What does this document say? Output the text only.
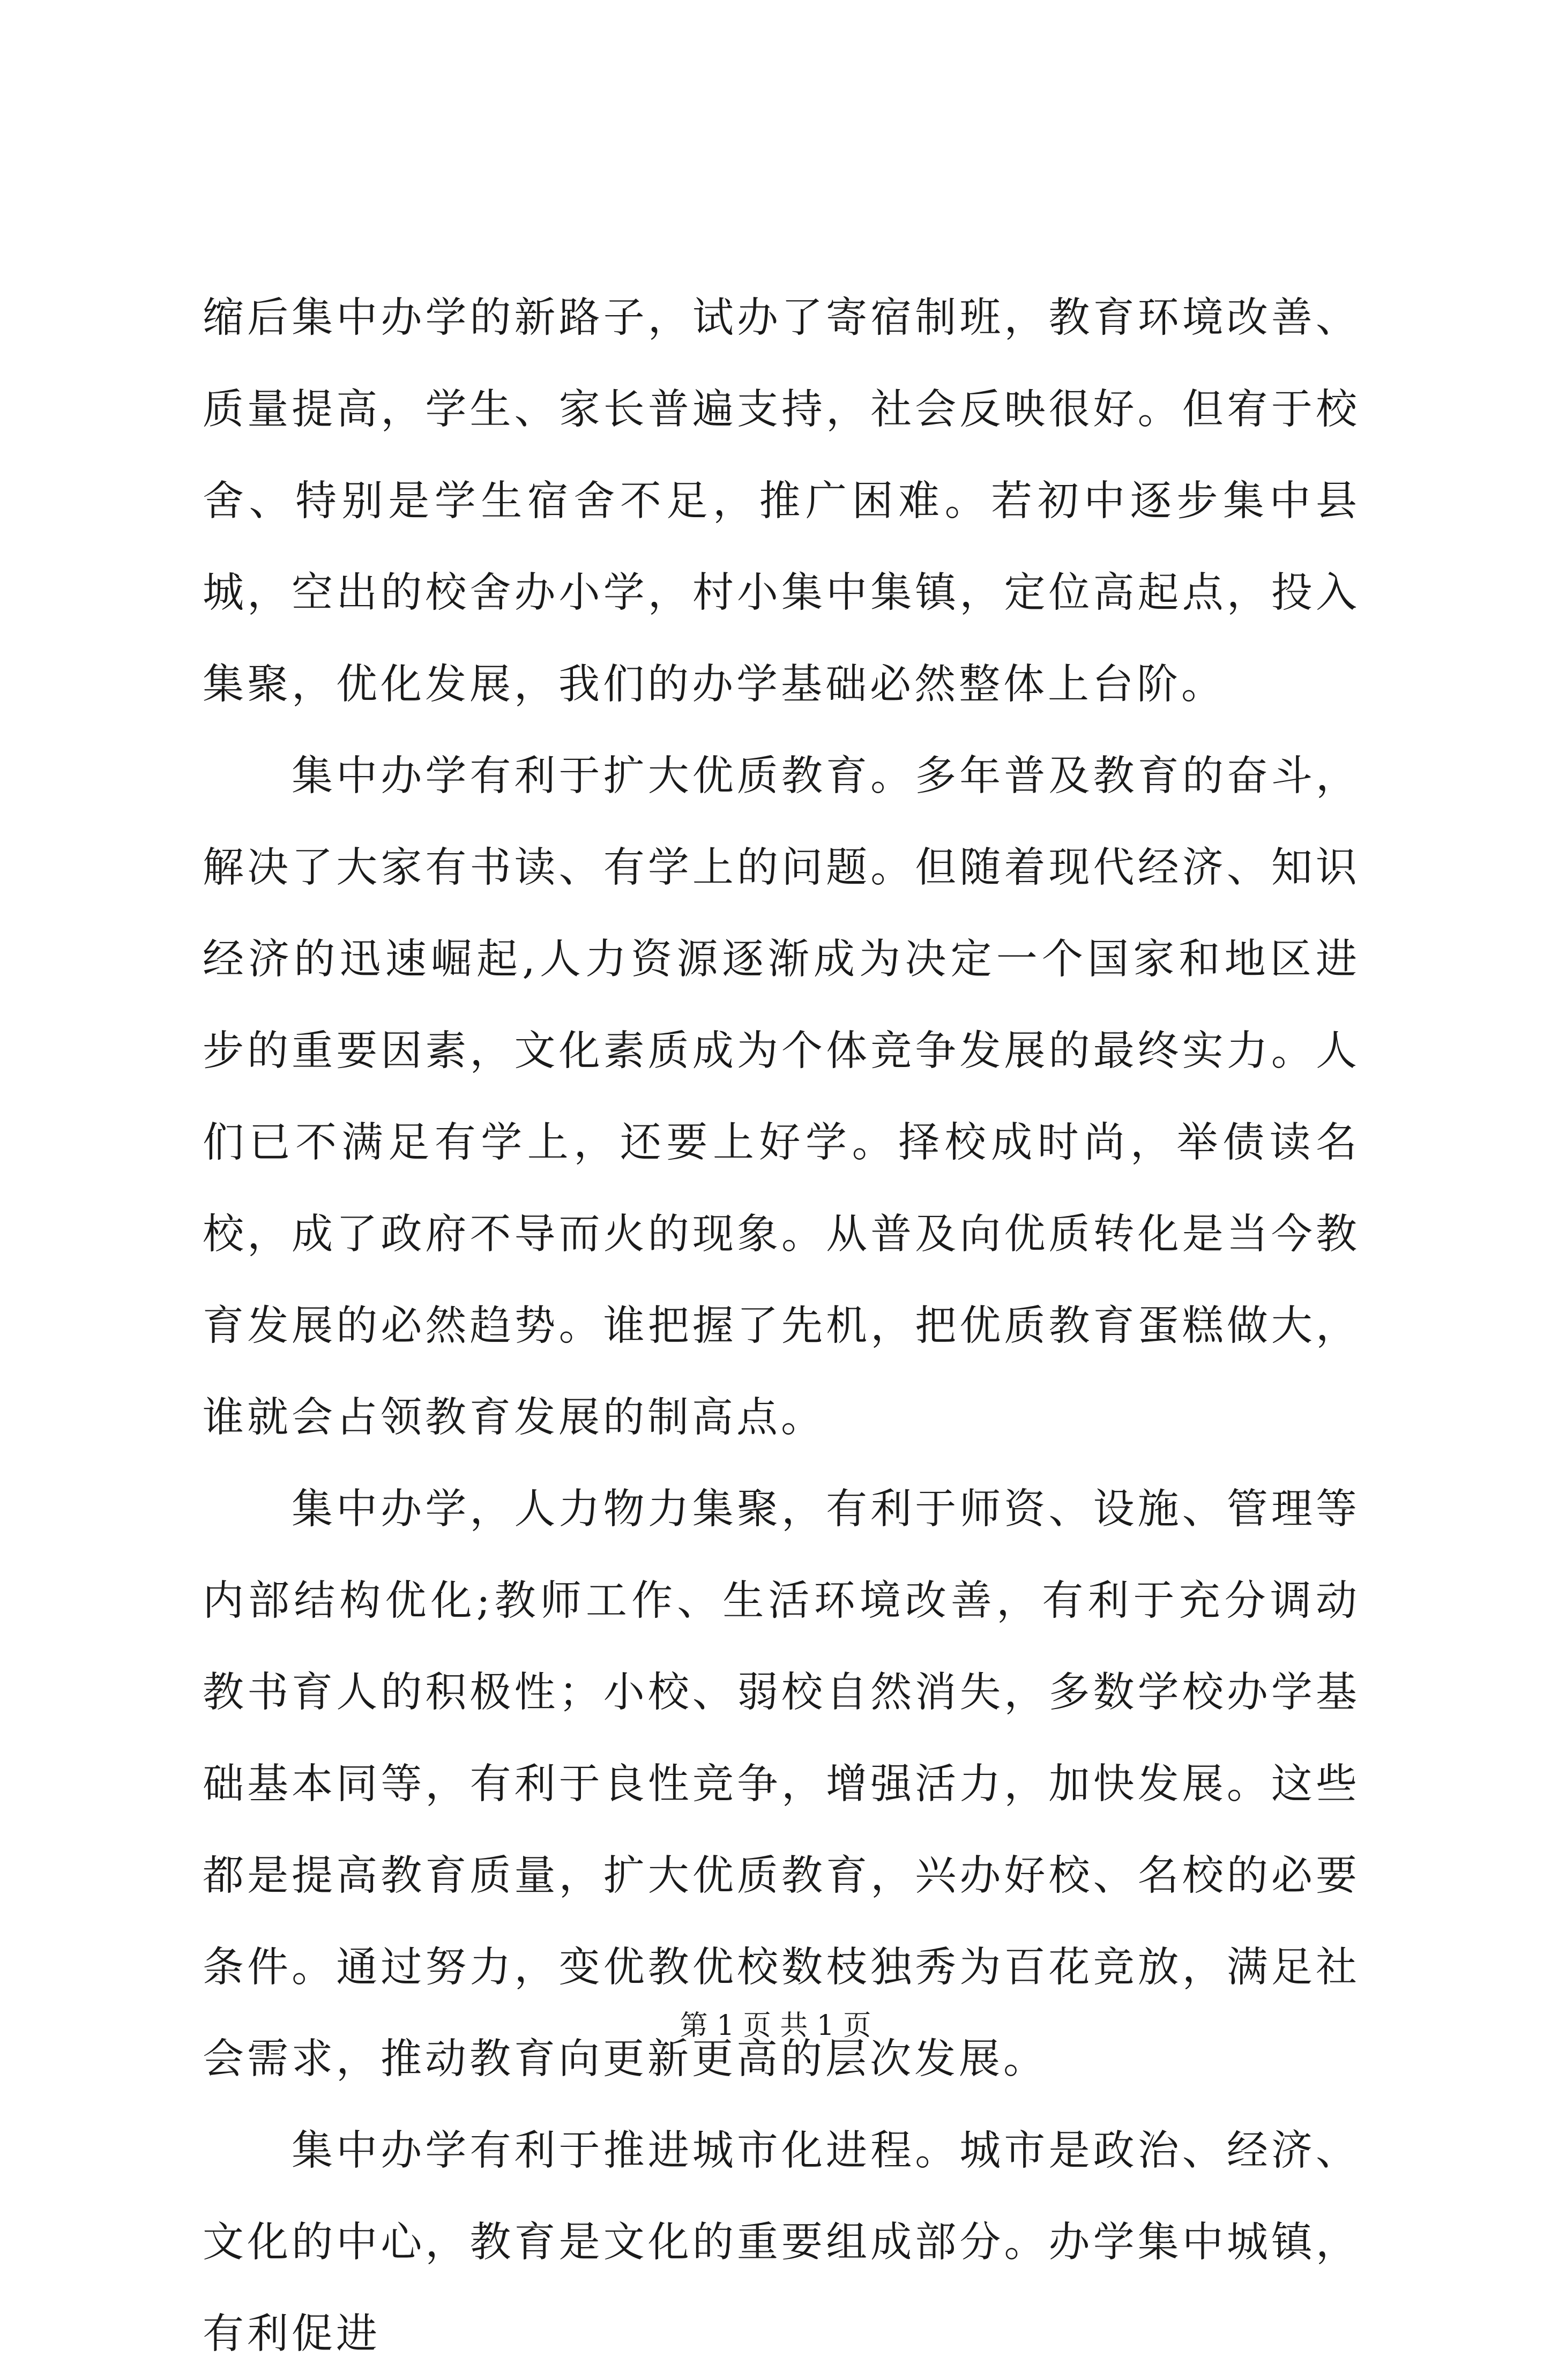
缩后集中办学的新路子，试办了寄宿制班，教育环境改善、质量提高，学生、家长普遍支持，社会反映很好。但宥于校舍、特别是学生宿舍不足，推广困难。若初中逐步集中县城，空出的校舍办小学，村小集中集镇，定位高起点，投入集聚，优化发展，我们的办学基础必然整体上台阶。

集中办学有利于扩大优质教育。多年普及教育的奋斗，解决了大家有书读、有学上的问题。但随着现代经济、知识经济的迅速崛起,人力资源逐渐成为决定一个国家和地区进步的重要因素，文化素质成为个体竞争发展的最终实力。人们已不满足有学上，还要上好学。择校成时尚，举债读名校，成了政府不导而火的现象。从普及向优质转化是当今教育发展的必然趋势。谁把握了先机，把优质教育蛋糕做大，谁就会占领教育发展的制高点。

集中办学，人力物力集聚，有利于师资、设施、管理等内部结构优化;教师工作、生活环境改善，有利于充分调动教书育人的积极性；小校、弱校自然消失，多数学校办学基础基本同等，有利于良性竞争，增强活力，加快发展。这些都是提高教育质量，扩大优质教育，兴办好校、名校的必要条件。通过努力，变优教优校数枝独秀为百花竞放，满足社会需求，推动教育向更新更高的层次发展。

集中办学有利于推进城市化进程。城市是政治、经济、文化的中心，教育是文化的重要组成部分。办学集中城镇，有利促进

第 1 页 共 1 页
